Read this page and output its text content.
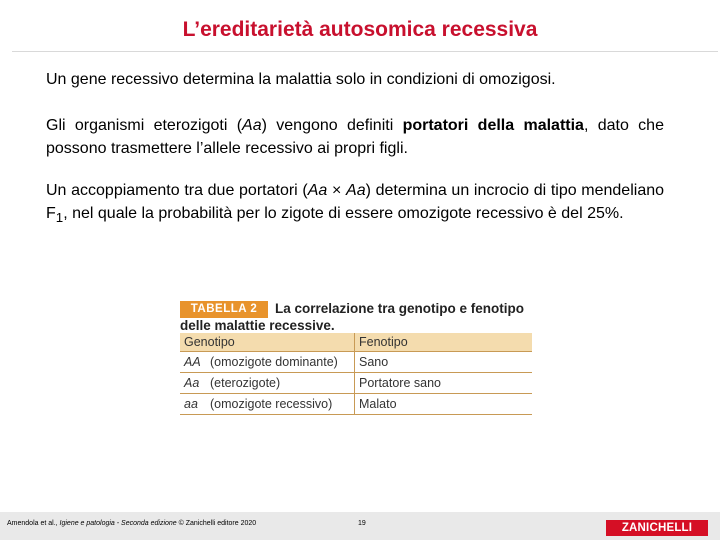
L’ereditarietà autosomica recessiva
Un gene recessivo determina la malattia solo in condizioni di omozigosi.
Gli organismi eterozigoti (Aa) vengono definiti portatori della malattia, dato che possono trasmettere l’allele recessivo ai propri figli.
Un accoppiamento tra due portatori (Aa × Aa) determina un incrocio di tipo mendeliano $F_1$, nel quale la probabilità per lo zigote di essere omozigote recessivo è del 25%.
TABELLA 2	La correlazione tra genotipo e fenotipo
delle malattie recessive.
Genotipo	Fenotipo
AA (omozigote dominante)	Sano
Aa (eterozigote)	Portatore sano
aa (omozigote recessivo)	Malato
Amendola et al., Igiene e patologia - Seconda edizione © Zanichelli editore 2020	19	ZANICHELLI
